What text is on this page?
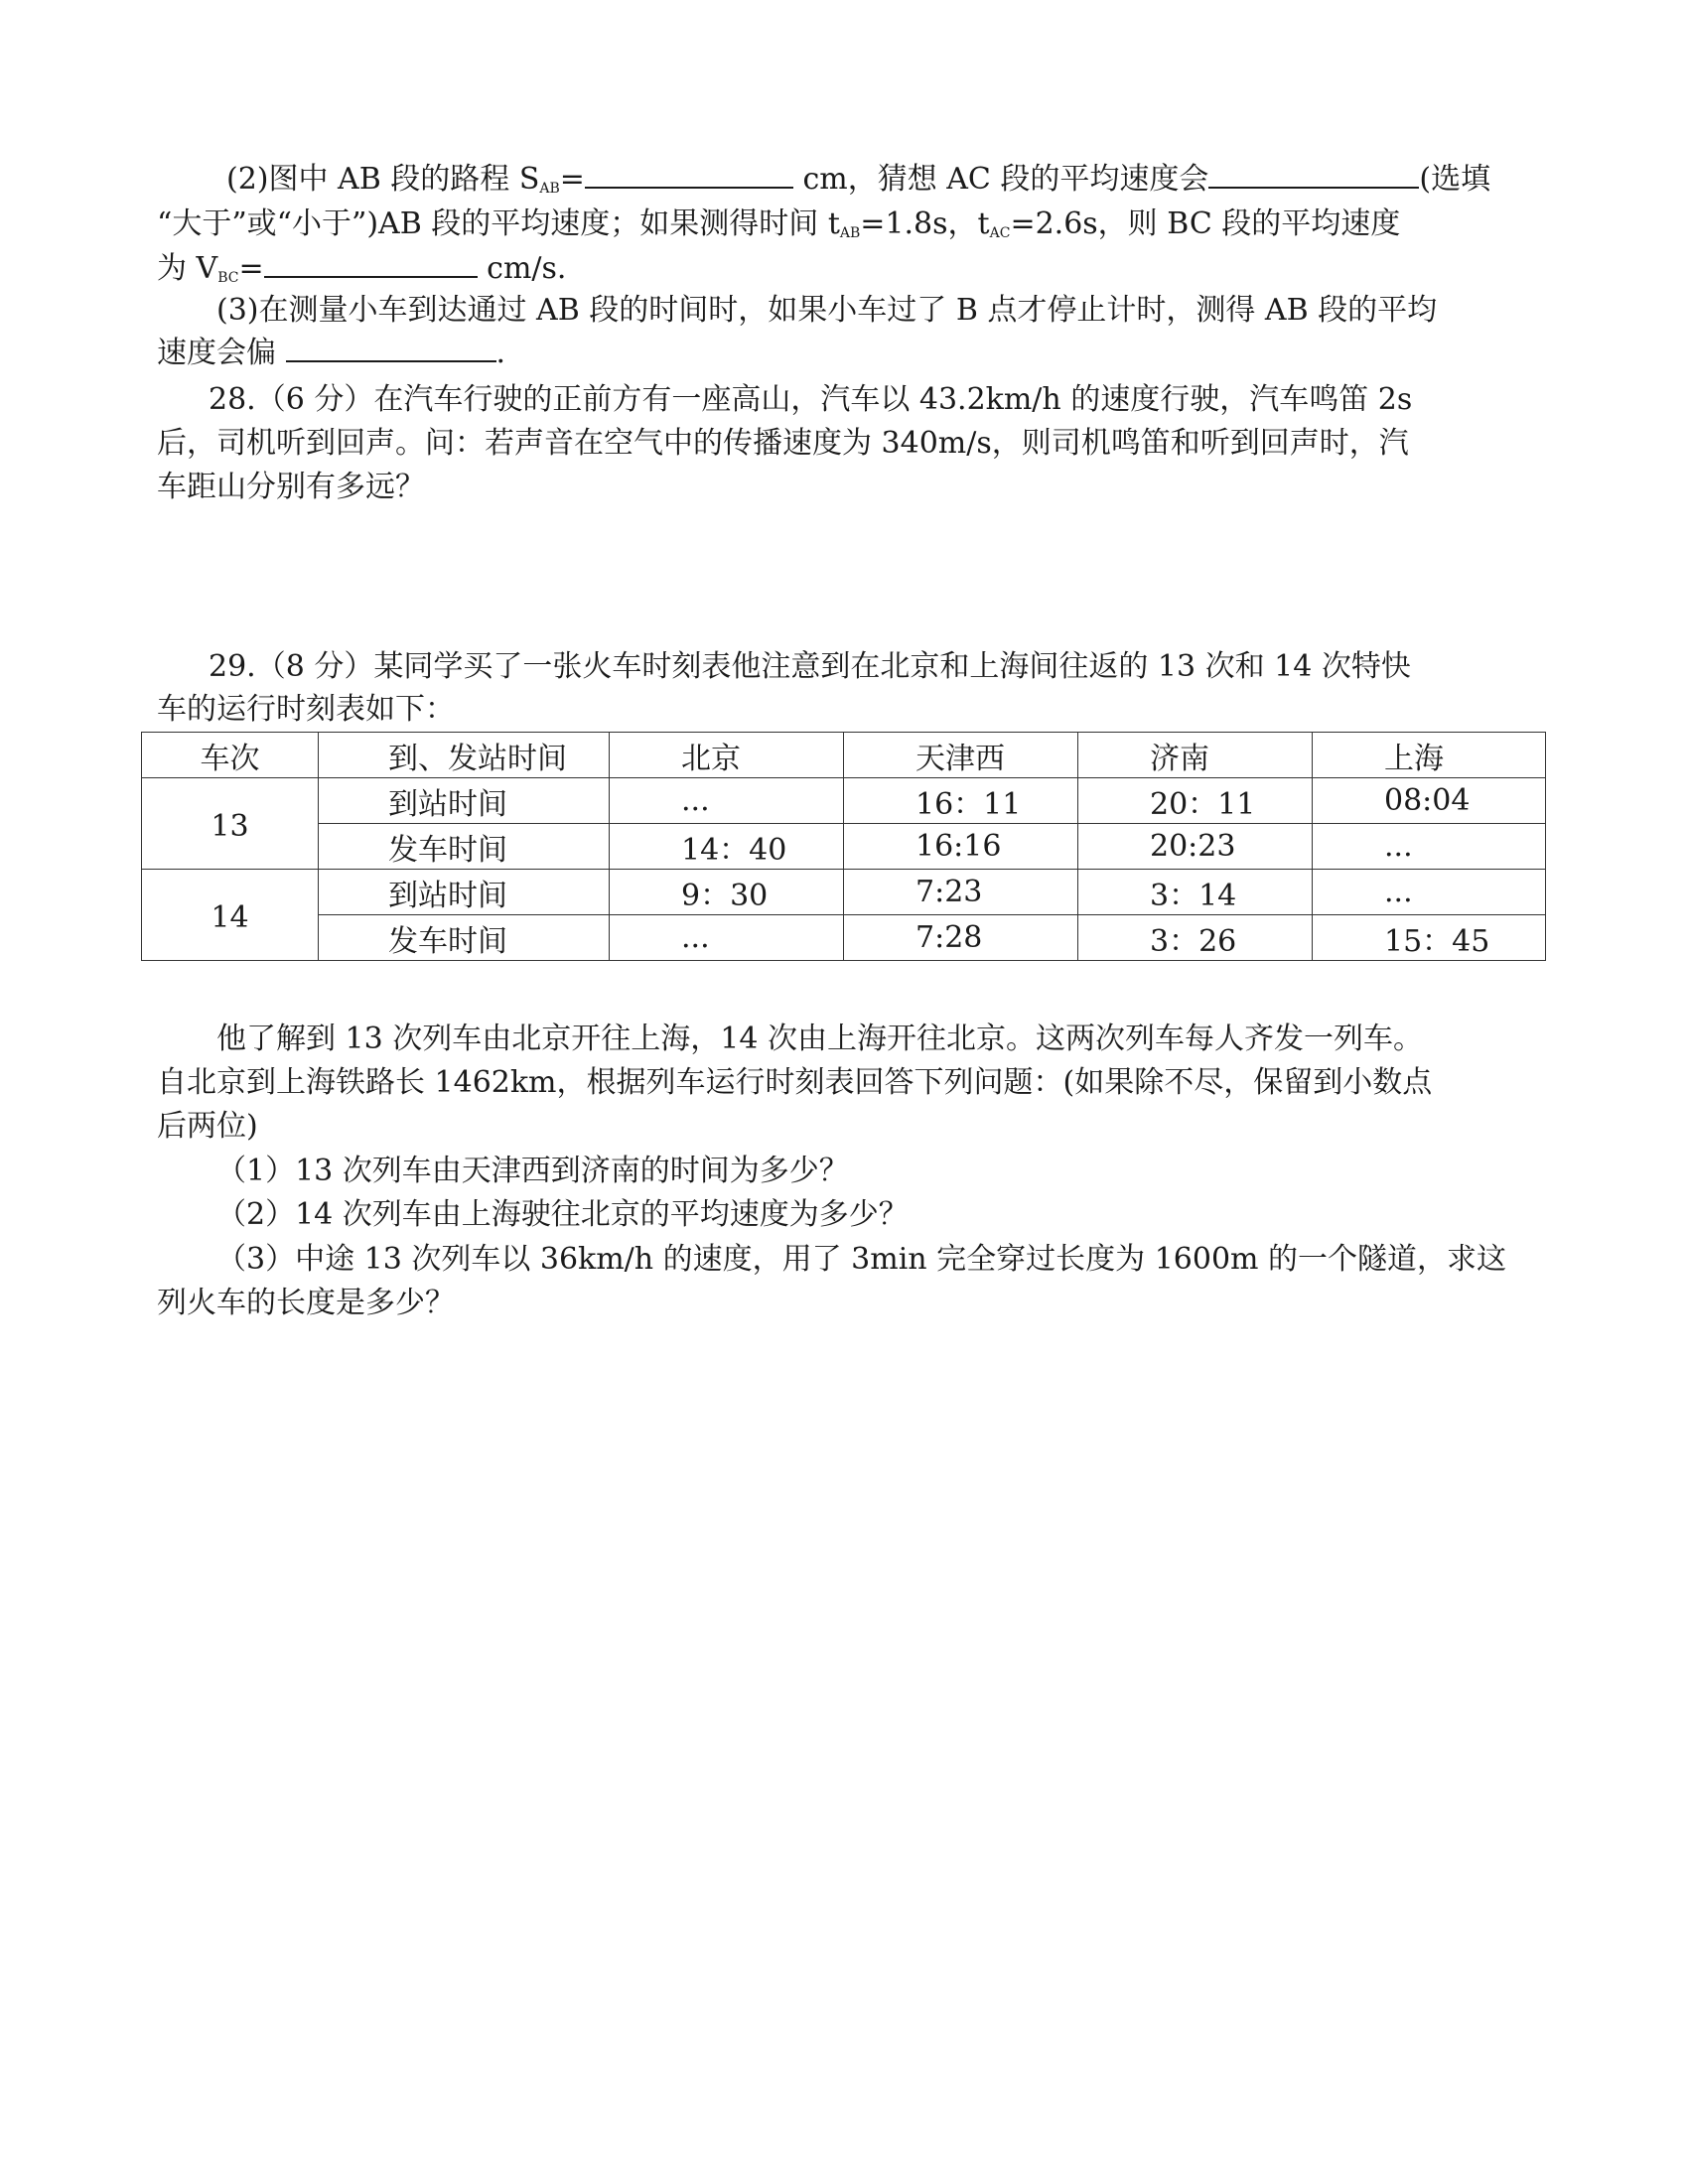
(2)图中 AB 段的路程 $S_{AB}=$	cm，猜想 AC 段的平均速度会	(选填
“大于”或“小于”)AB 段的平均速度；如果测得时间 $t_{AB}=1.8s$，$t_{AC}=2.6s$，则 BC 段的平均速度
为 $V_{BC}=$	cm/s.
(3)在测量小车到达通过 AB 段的时间时，如果小车过了 B 点才停止计时，测得 AB 段的平均
速度会偏	.
28.（6 分）在汽车行驶的正前方有一座高山，汽车以 43.2km/h 的速度行驶，汽车鸣笛 2s
后，司机听到回声。问：若声音在空气中的传播速度为 340m/s，则司机鸣笛和听到回声时，汽
车距山分别有多远？
29.（8 分）某同学买了一张火车时刻表他注意到在北京和上海间往返的 13 次和 14 次特快
车的运行时刻表如下：
车次	到、发站时间	北京	天津西	济南	上海
13	到站时间	...	16：11	20：11	08:04
	发车时间	14：40	16:16	20:23	...
14	到站时间	9：30	7:23	3：14	...
	发车时间	...	7:28	3：26	15：45
他了解到 13 次列车由北京开往上海，14 次由上海开往北京。这两次列车每人齐发一列车。
自北京到上海铁路长 1462km，根据列车运行时刻表回答下列问题：(如果除不尽，保留到小数点
后两位)
（1）13 次列车由天津西到济南的时间为多少？
（2）14 次列车由上海驶往北京的平均速度为多少？
（3）中途 13 次列车以 36km/h 的速度，用了 3min 完全穿过长度为 1600m 的一个隧道，求这
列火车的长度是多少？
